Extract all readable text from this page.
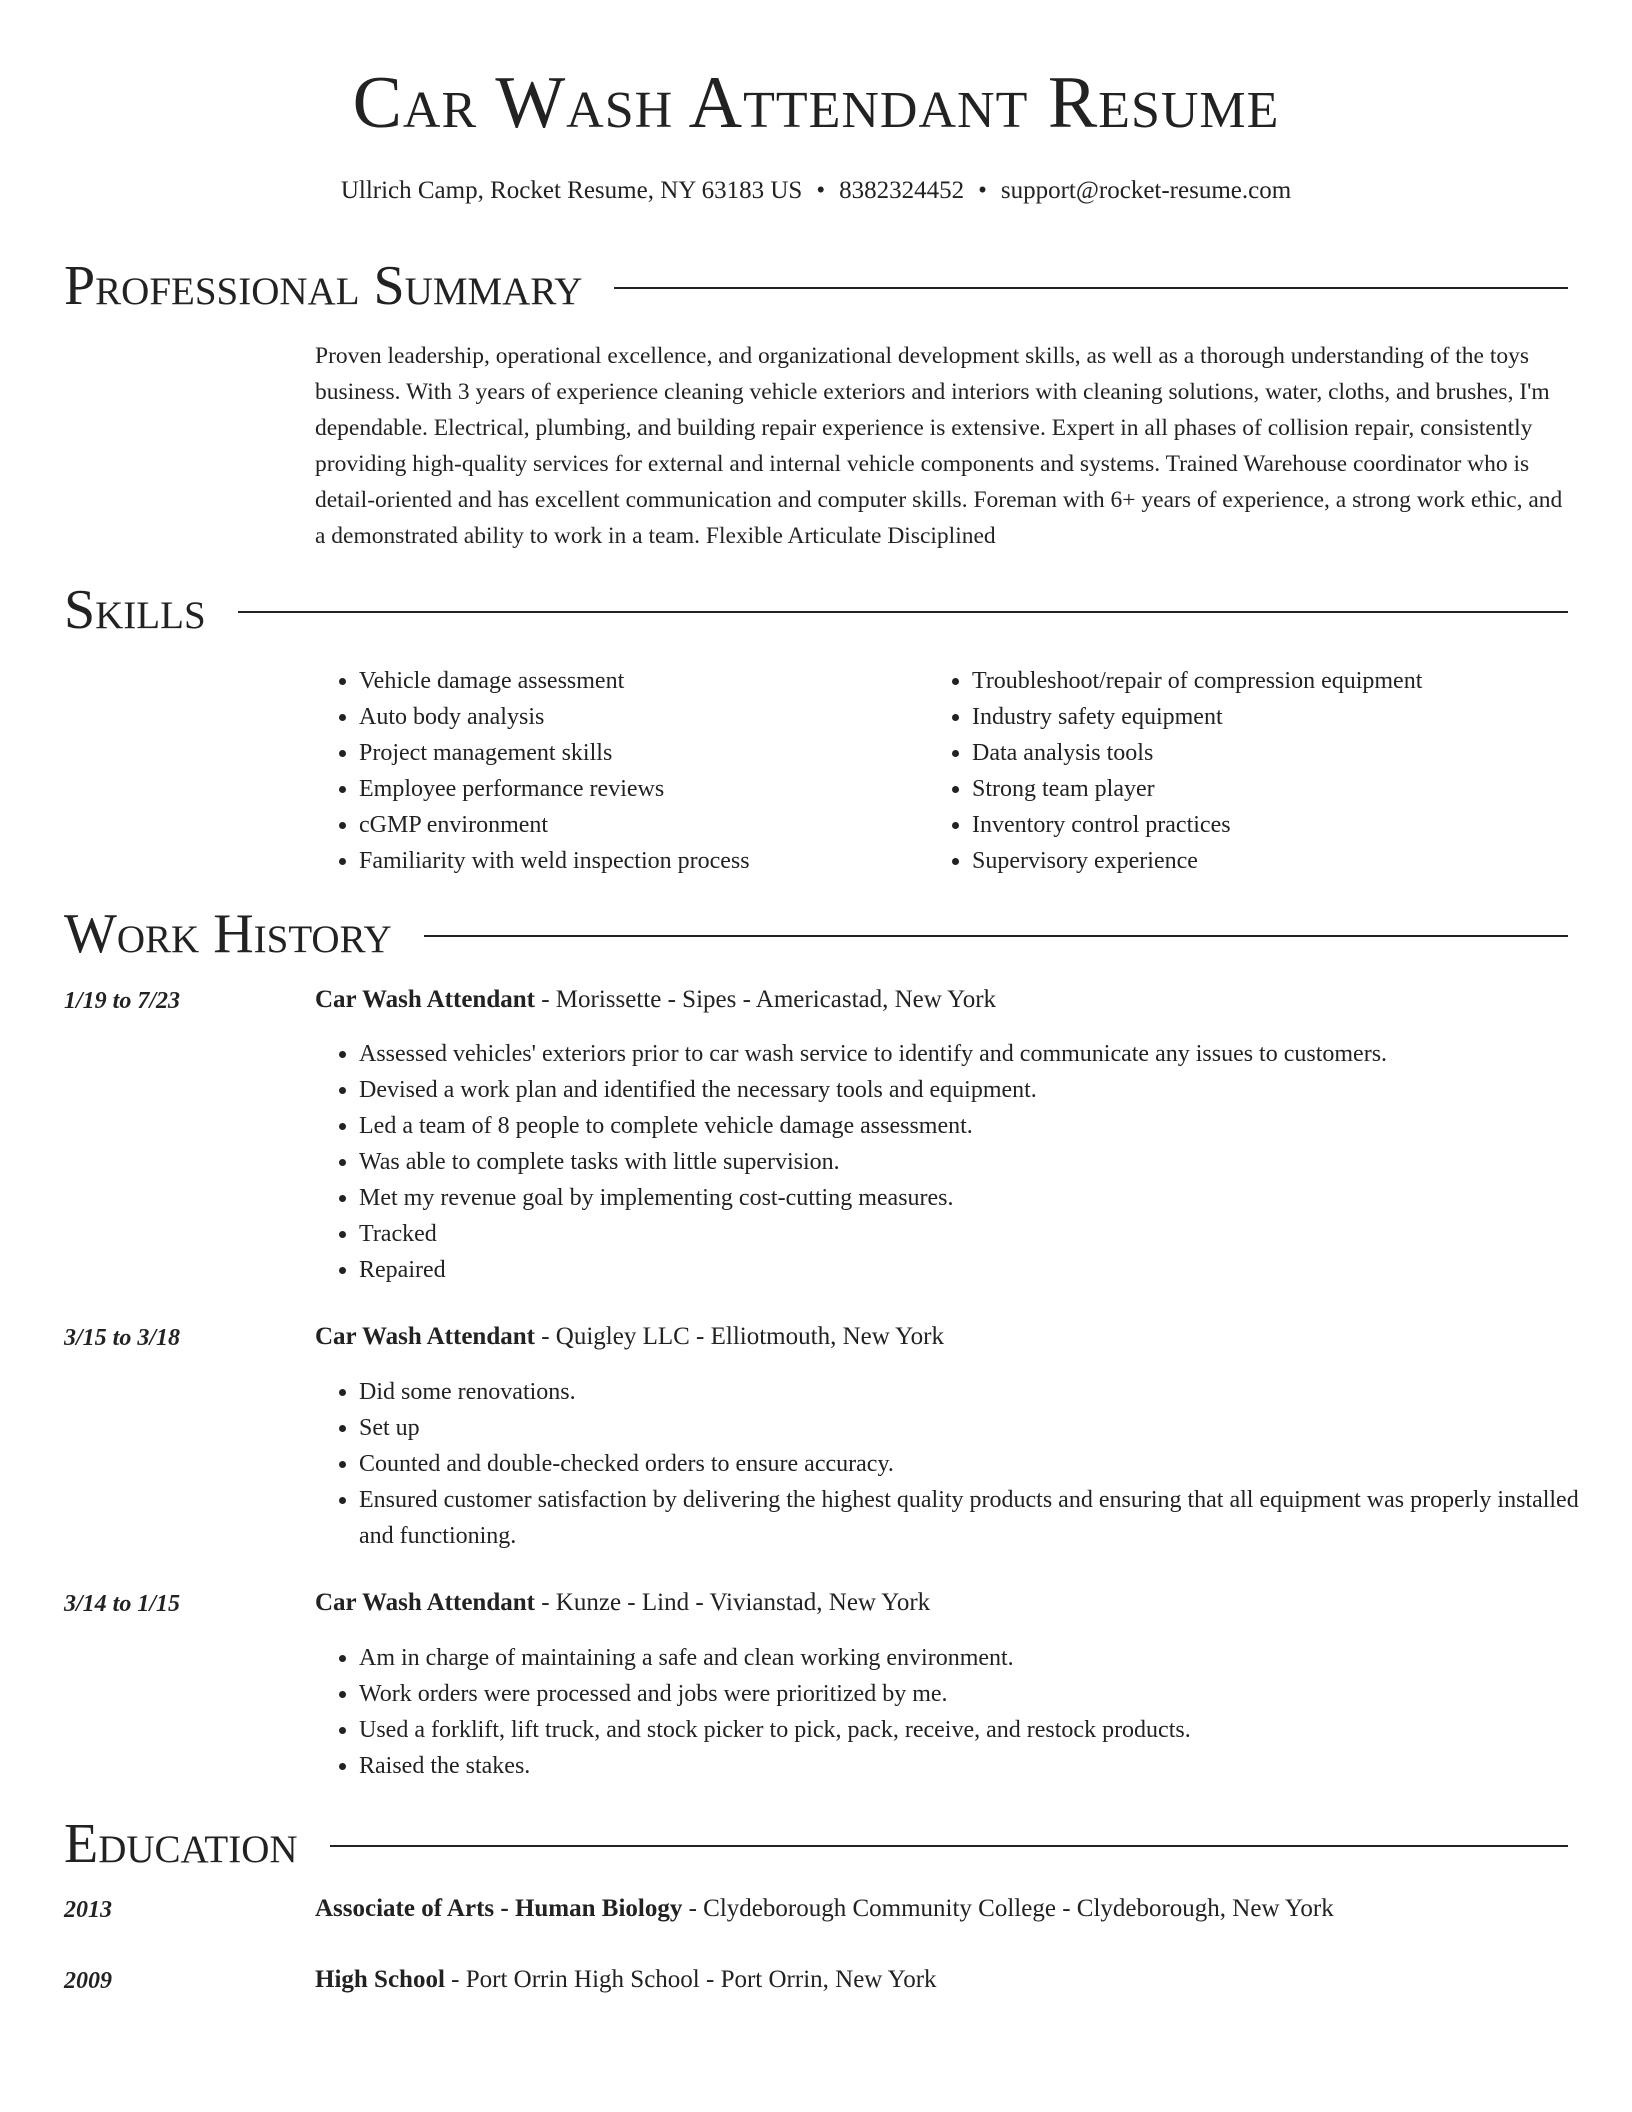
Car Wash Attendant Resume
Ullrich Camp, Rocket Resume, NY 63183 US • 8382324452 • support@rocket-resume.com
Professional Summary

Proven leadership, operational excellence, and organizational development skills, as well as a thorough understanding of the toys business. With 3 years of experience cleaning vehicle exteriors and interiors with cleaning solutions, water, cloths, and brushes, I'm dependable. Electrical, plumbing, and building repair experience is extensive. Expert in all phases of collision repair, consistently providing high-quality services for external and internal vehicle components and systems. Trained Warehouse coordinator who is detail-oriented and has excellent communication and computer skills. Foreman with 6+ years of experience, a strong work ethic, and a demonstrated ability to work in a team. Flexible Articulate Disciplined

Skills
• Vehicle damage assessment
• Auto body analysis
• Project management skills
• Employee performance reviews
• cGMP environment
• Familiarity with weld inspection process
• Troubleshoot/repair of compression equipment
• Industry safety equipment
• Data analysis tools
• Strong team player
• Inventory control practices
• Supervisory experience
Work History
1/19 to 7/23	Car Wash Attendant - Morissette - Sipes - Americastad, New York
• Assessed vehicles' exteriors prior to car wash service to identify and communicate any issues to customers.
• Devised a work plan and identified the necessary tools and equipment.
• Led a team of 8 people to complete vehicle damage assessment.
• Was able to complete tasks with little supervision.
• Met my revenue goal by implementing cost-cutting measures.
• Tracked
• Repaired
3/15 to 3/18	Car Wash Attendant - Quigley LLC - Elliotmouth, New York
• Did some renovations.
• Set up
• Counted and double-checked orders to ensure accuracy.
• Ensured customer satisfaction by delivering the highest quality products and ensuring that all equipment was properly installed and functioning.
3/14 to 1/15	Car Wash Attendant - Kunze - Lind - Vivianstad, New York
• Am in charge of maintaining a safe and clean working environment.
• Work orders were processed and jobs were prioritized by me.
• Used a forklift, lift truck, and stock picker to pick, pack, receive, and restock products.
• Raised the stakes.
Education
2013	Associate of Arts - Human Biology - Clydeborough Community College - Clydeborough, New York
2009	High School - Port Orrin High School - Port Orrin, New York
